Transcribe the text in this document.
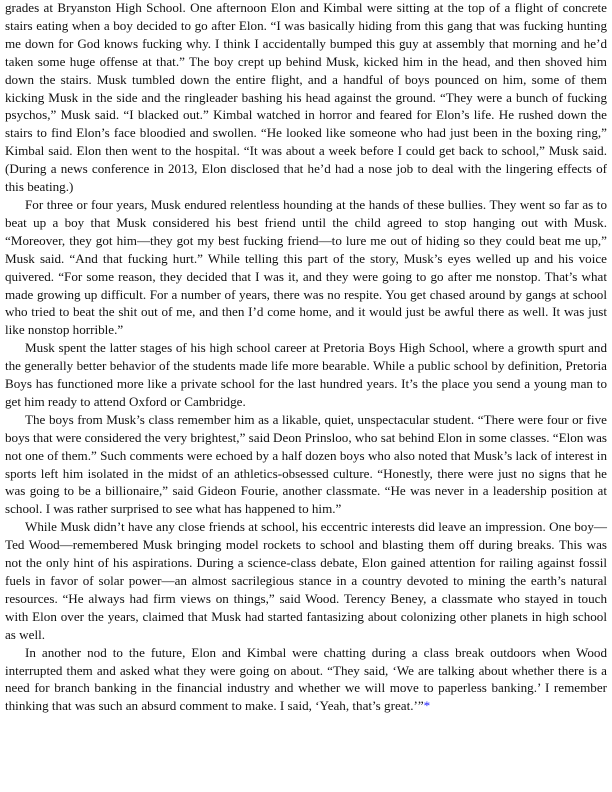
grades at Bryanston High School. One afternoon Elon and Kimbal were sitting at the top of a flight of concrete stairs eating when a boy decided to go after Elon. “I was basically hiding from this gang that was fucking hunting me down for God knows fucking why. I think I accidentally bumped this guy at assembly that morning and he’d taken some huge offense at that.” The boy crept up behind Musk, kicked him in the head, and then shoved him down the stairs. Musk tumbled down the entire flight, and a handful of boys pounced on him, some of them kicking Musk in the side and the ringleader bashing his head against the ground. “They were a bunch of fucking psychos,” Musk said. “I blacked out.” Kimbal watched in horror and feared for Elon’s life. He rushed down the stairs to find Elon’s face bloodied and swollen. “He looked like someone who had just been in the boxing ring,” Kimbal said. Elon then went to the hospital. “It was about a week before I could get back to school,” Musk said. (During a news conference in 2013, Elon disclosed that he’d had a nose job to deal with the lingering effects of this beating.)

For three or four years, Musk endured relentless hounding at the hands of these bullies. They went so far as to beat up a boy that Musk considered his best friend until the child agreed to stop hanging out with Musk. “Moreover, they got him—they got my best fucking friend—to lure me out of hiding so they could beat me up,” Musk said. “And that fucking hurt.” While telling this part of the story, Musk’s eyes welled up and his voice quivered. “For some reason, they decided that I was it, and they were going to go after me nonstop. That’s what made growing up difficult. For a number of years, there was no respite. You get chased around by gangs at school who tried to beat the shit out of me, and then I’d come home, and it would just be awful there as well. It was just like nonstop horrible.”

Musk spent the latter stages of his high school career at Pretoria Boys High School, where a growth spurt and the generally better behavior of the students made life more bearable. While a public school by definition, Pretoria Boys has functioned more like a private school for the last hundred years. It’s the place you send a young man to get him ready to attend Oxford or Cambridge.

The boys from Musk’s class remember him as a likable, quiet, unspectacular student. “There were four or five boys that were considered the very brightest,” said Deon Prinsloo, who sat behind Elon in some classes. “Elon was not one of them.” Such comments were echoed by a half dozen boys who also noted that Musk’s lack of interest in sports left him isolated in the midst of an athletics-obsessed culture. “Honestly, there were just no signs that he was going to be a billionaire,” said Gideon Fourie, another classmate. “He was never in a leadership position at school. I was rather surprised to see what has happened to him.”

While Musk didn’t have any close friends at school, his eccentric interests did leave an impression. One boy—Ted Wood—remembered Musk bringing model rockets to school and blasting them off during breaks. This was not the only hint of his aspirations. During a science-class debate, Elon gained attention for railing against fossil fuels in favor of solar power—an almost sacrilegious stance in a country devoted to mining the earth’s natural resources. “He always had firm views on things,” said Wood. Terency Beney, a classmate who stayed in touch with Elon over the years, claimed that Musk had started fantasizing about colonizing other planets in high school as well.

In another nod to the future, Elon and Kimbal were chatting during a class break outdoors when Wood interrupted them and asked what they were going on about. “They said, ‘We are talking about whether there is a need for branch banking in the financial industry and whether we will move to paperless banking.’ I remember thinking that was such an absurd comment to make. I said, ‘Yeah, that’s great.’”*
